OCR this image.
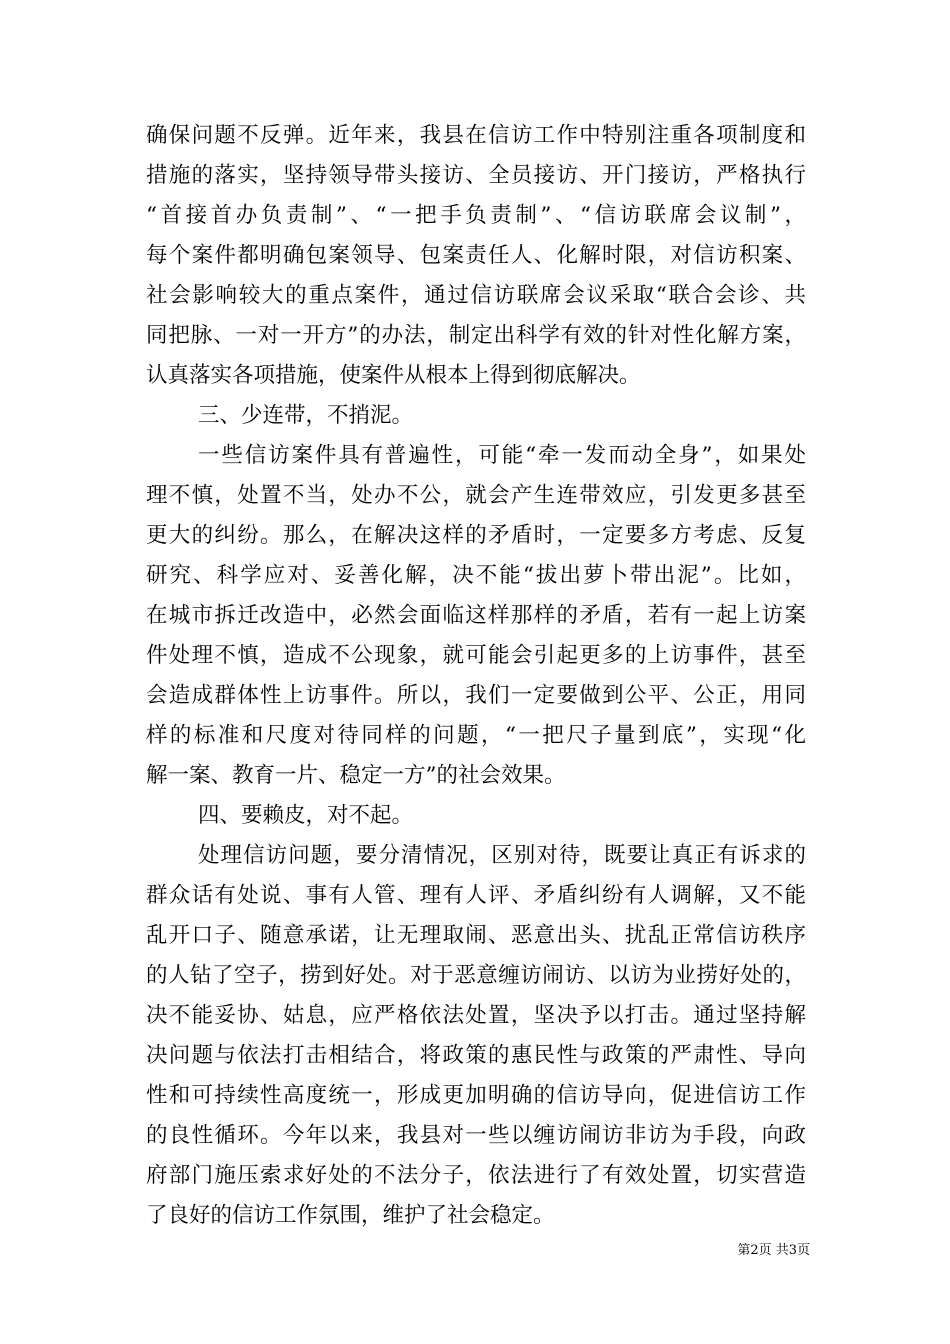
确保问题不反弹。近年来，我县在信访工作中特别注重各项制度和
措施的落实，坚持领导带头接访、全员接访、开门接访，严格执行
“首接首办负责制”、“一把手负责制”、“信访联席会议制”，
每个案件都明确包案领导、包案责任人、化解时限，对信访积案、
社会影响较大的重点案件，通过信访联席会议采取“联合会诊、共
同把脉、一对一开方”的办法，制定出科学有效的针对性化解方案，
认真落实各项措施，使案件从根本上得到彻底解决。
三、少连带，不捎泥。
一些信访案件具有普遍性，可能“牵一发而动全身”，如果处
理不慎，处置不当，处办不公，就会产生连带效应，引发更多甚至
更大的纠纷。那么，在解决这样的矛盾时，一定要多方考虑、反复
研究、科学应对、妥善化解，决不能“拔出萝卜带出泥”。比如，
在城市拆迁改造中，必然会面临这样那样的矛盾，若有一起上访案
件处理不慎，造成不公现象，就可能会引起更多的上访事件，甚至
会造成群体性上访事件。所以，我们一定要做到公平、公正，用同
样的标准和尺度对待同样的问题，“一把尺子量到底”，实现“化
解一案、教育一片、稳定一方”的社会效果。
四、要赖皮，对不起。
处理信访问题，要分清情况，区别对待，既要让真正有诉求的
群众话有处说、事有人管、理有人评、矛盾纠纷有人调解，又不能
乱开口子、随意承诺，让无理取闹、恶意出头、扰乱正常信访秩序
的人钻了空子，捞到好处。对于恶意缠访闹访、以访为业捞好处的，
决不能妥协、姑息，应严格依法处置，坚决予以打击。通过坚持解
决问题与依法打击相结合，将政策的惠民性与政策的严肃性、导向
性和可持续性高度统一，形成更加明确的信访导向，促进信访工作
的良性循环。今年以来，我县对一些以缠访闹访非访为手段，向政
府部门施压索求好处的不法分子，依法进行了有效处置，切实营造
了良好的信访工作氛围，维护了社会稳定。
第2页 共3页
